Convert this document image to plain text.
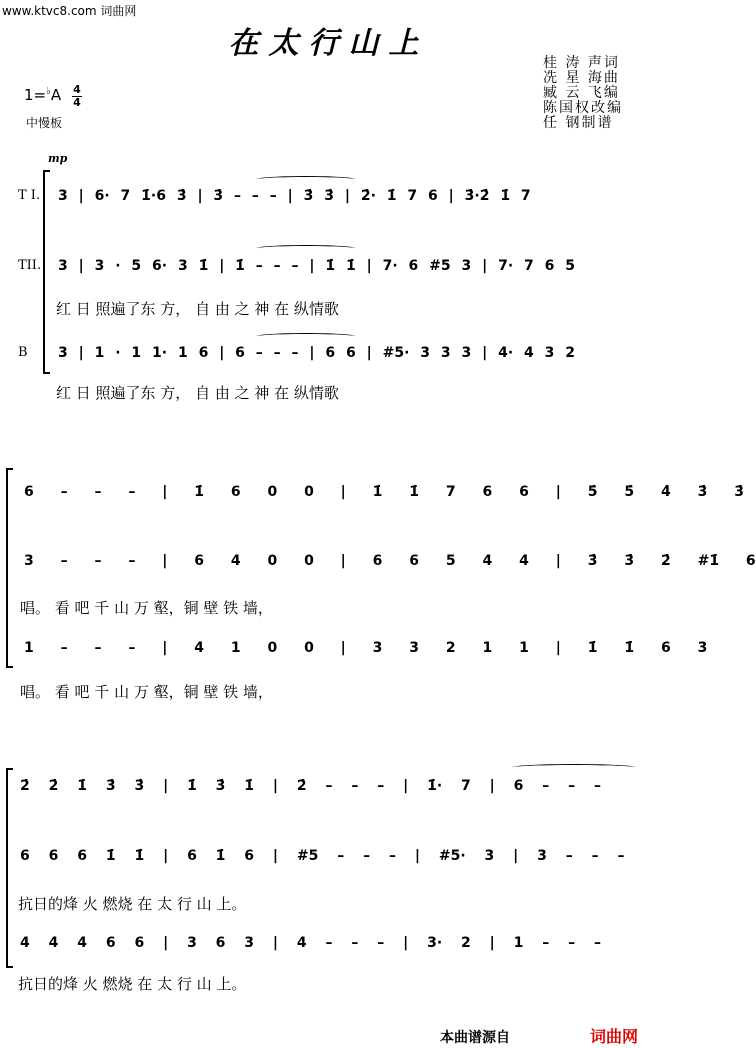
www.ktvc8.com 词曲网
在太行山上
桂 涛 声词
冼 星 海曲
臧 云 飞编
陈国权改编
任 钢制谱
1=♭A 4
4
中慢板
mp
T I.
TII.
B
3 | 6· 7 1̇·6 3̇ | 3̇ – – – | 3̇ 3̇ | 2̇· 1̇ 7 6 | 3̇·2̇ 1̇ 7
3 | 3 · 5 6· 3 1̇ | 1̇ – – – | 1̇ 1̇ | 7· 6 #5 3 | 7· 7 6 5
红 日 照遍了东 方， 自 由 之 神 在 纵情歌
3 | 1 · 1 1· 1 6 | 6 – – – | 6 6 | #5· 3 3 3 | 4· 4 3 2
红 日 照遍了东 方， 自 由 之 神 在 纵情歌
6 – – – | 1̇ 6 0 0 | 1̇ 1̇ 7 6 6 | 5̇ 5̇ 4̇ 3̇ 3̇
3 – – – | 6 4 0 0 | 6 6 5 4 4 | 3̇ 3̇ 2̇ #1̇ 6
唱。 看 吧 千 山 万 壑，铜 壁 铁 墙，
1 – – – | 4 1 0 0 | 3 3 2 1 1 | 1̇ 1̇ 6 3
唱。 看 吧 千 山 万 壑，铜 壁 铁 墙，
2̇ 2̇ 1̇ 3̇ 3̇ | 1̇ 3̇ 1̇ | 2̇ – – – | 1̇· 7 | 6 – – –
6 6 6 1̇ 1̇ | 6 1̇ 6 | #5 – – – | #5· 3 | 3 – – –
抗日的烽 火 燃烧 在 太 行 山 上。
4 4 4 6 6 | 3 6 3 | 4 – – – | 3· 2 | 1 – – –
抗日的烽 火 燃烧 在 太 行 山 上。
本曲谱源自	词曲网
